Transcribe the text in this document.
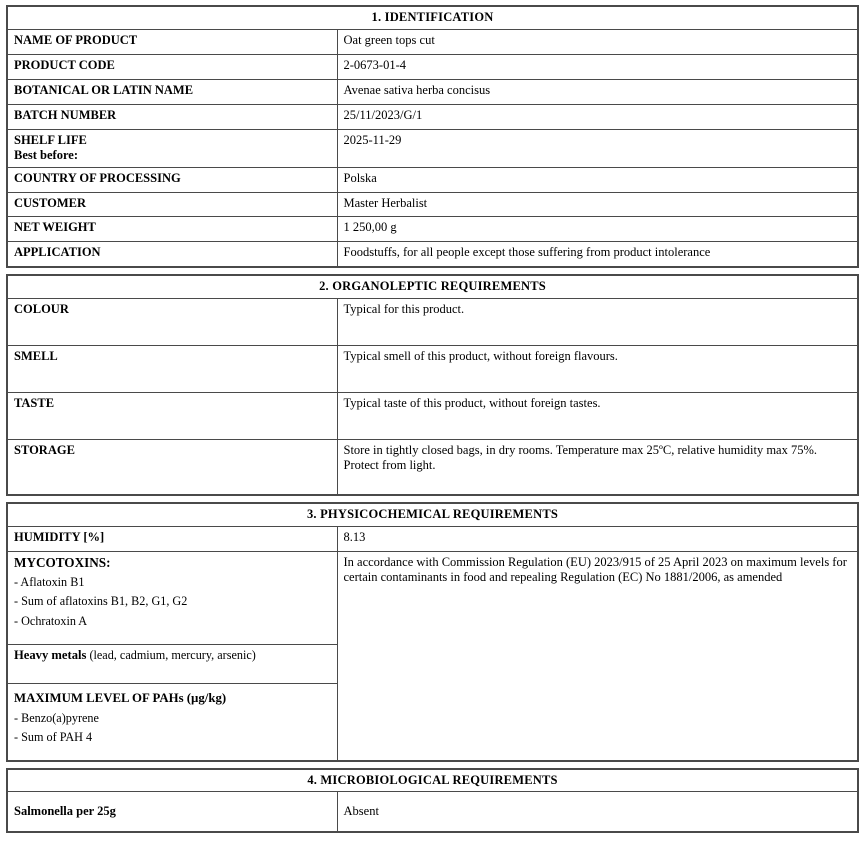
1. IDENTIFICATION	
NAME OF PRODUCT	Oat green tops cut
PRODUCT CODE	2-0673-01-4
BOTANICAL OR LATIN NAME	Avenae sativa herba concisus
BATCH NUMBER	25/11/2023/G/1

SHELF LIFE
Best before:	2025-11-29
COUNTRY OF PROCESSING	Polska
CUSTOMER	Master Herbalist
NET WEIGHT	1 250,00 g
APPLICATION	Foodstuffs, for all people except those suffering from product intolerance
2. ORGANOLEPTIC REQUIREMENTS	
COLOUR	Typical for this product.
SMELL	Typical smell of this product, without foreign flavours.
TASTE	Typical taste of this product, without foreign tastes.
STORAGE	Store in tightly closed bags, in dry rooms. Temperature max 25ºC, relative humidity max 75%. Protect from light.
3. PHYSICOCHEMICAL REQUIREMENTS	
HUMIDITY [%]	8.13

MYCOTOXINS:
- Aflatoxin B1
- Sum of aflatoxins B1, B2, G1, G2
- Ochratoxin A	In accordance with Commission Regulation (EU) 2023/915 of 25 April 2023 on maximum levels for certain contaminants in food and repealing Regulation (EC) No 1881/2006, as amended
Heavy metals (lead, cadmium, mercury, arsenic)	

MAXIMUM LEVEL OF PAHs (µg/kg)
- Benzo(a)pyrene
- Sum of PAH 4	
4. MICROBIOLOGICAL REQUIREMENTS
Salmonella per 25g	Absent
